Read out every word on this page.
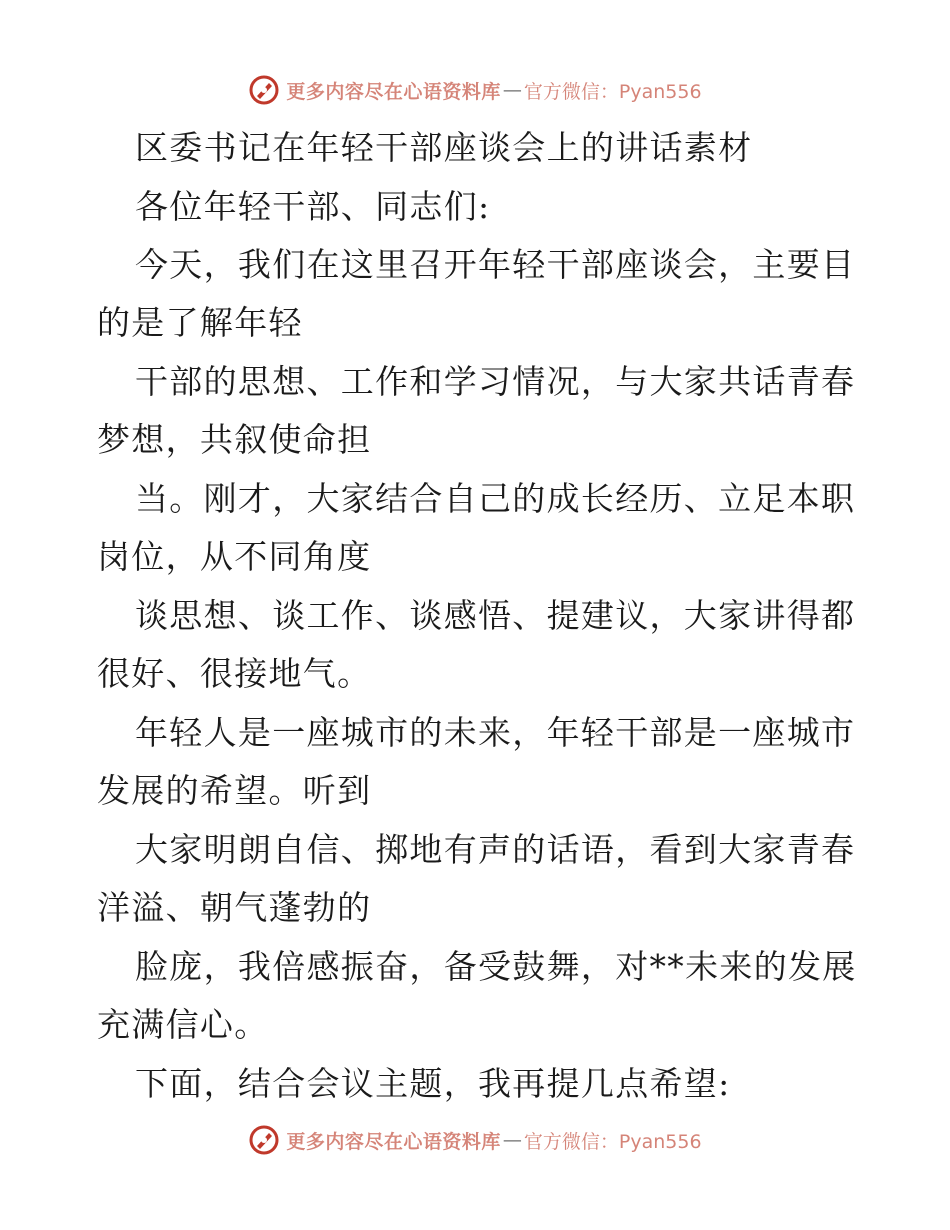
更多内容尽在心语资料库 — 官方微信：Pyan556
区委书记在年轻干部座谈会上的讲话素材
各位年轻干部、同志们:
今天，我们在这里召开年轻干部座谈会，主要目
的是了解年轻
干部的思想、工作和学习情况，与大家共话青春
梦想，共叙使命担
当。刚才，大家结合自己的成长经历、立足本职
岗位，从不同角度
谈思想、谈工作、谈感悟、提建议，大家讲得都
很好、很接地气。
年轻人是一座城市的未来，年轻干部是一座城市
发展的希望。听到
大家明朗自信、掷地有声的话语，看到大家青春
洋溢、朝气蓬勃的
脸庞，我倍感振奋，备受鼓舞，对**未来的发展
充满信心。
下面，结合会议主题，我再提几点希望:
更多内容尽在心语资料库 — 官方微信：Pyan556
